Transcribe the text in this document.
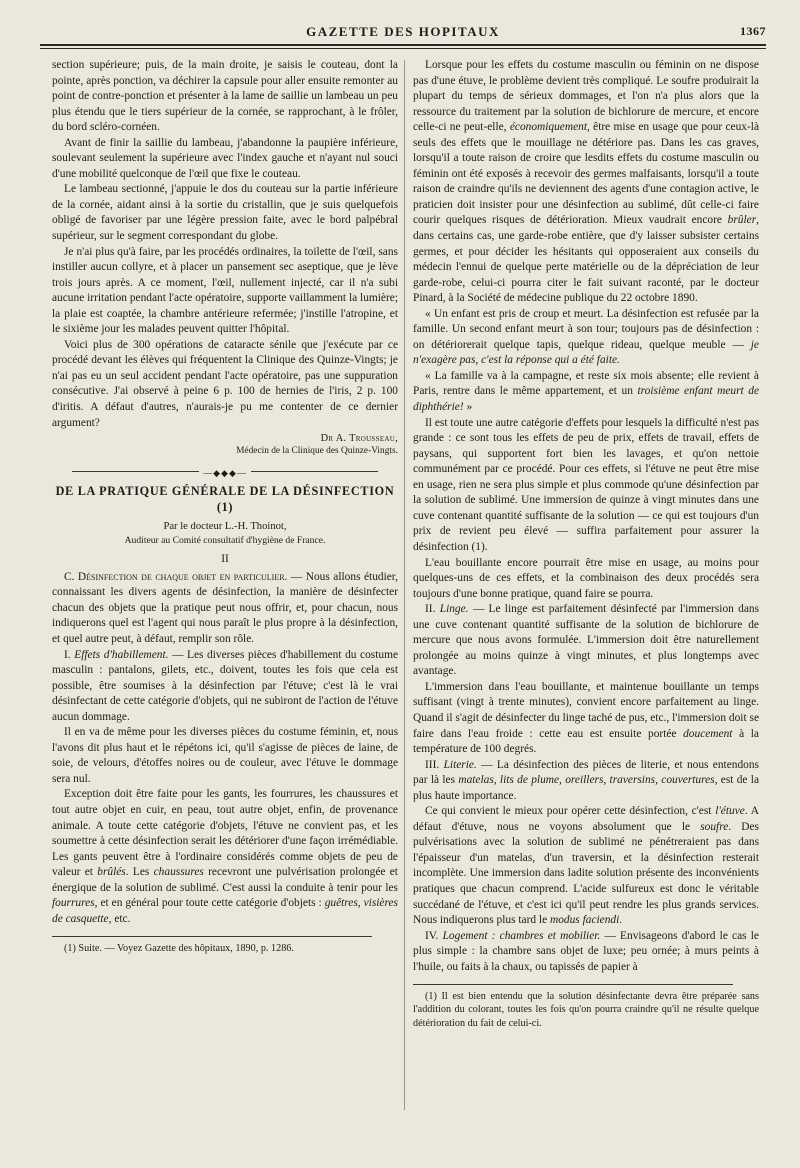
GAZETTE DES HOPITAUX	1367

section supérieure; puis, de la main droite, je saisis le couteau, dont la pointe, après ponction, va déchirer la capsule pour aller ensuite remonter au point de contre-ponction et présenter à la lame de saillie un lambeau un peu plus étendu que le tiers supérieur de la cornée, se rapprochant, à le frôler, du bord scléro-cornéen.

Avant de finir la saillie du lambeau, j'abandonne la paupière inférieure, soulevant seulement la supérieure avec l'index gauche et n'ayant nul souci d'une mobilité quelconque de l'œil que fixe le couteau.

Le lambeau sectionné, j'appuie le dos du couteau sur la partie inférieure de la cornée, aidant ainsi à la sortie du cristallin, que je suis quelquefois obligé de favoriser par une légère pression faite, avec le bord palpébral supérieur, sur le segment correspondant du globe.

Je n'ai plus qu'à faire, par les procédés ordinaires, la toilette de l'œil, sans instiller aucun collyre, et à placer un pansement sec aseptique, que je lève trois jours après. A ce moment, l'œil, nullement injecté, car il n'a subi aucune irritation pendant l'acte opératoire, supporte vaillamment la lumière; la plaie est coaptée, la chambre antérieure refermée; j'instille l'atropine, et le sixième jour les malades peuvent quitter l'hôpital.

Voici plus de 300 opérations de cataracte sénile que j'exécute par ce procédé devant les élèves qui fréquentent la Clinique des Quinze-Vingts; je n'ai pas eu un seul accident pendant l'acte opératoire, pas une suppuration consécutive. J'ai observé à peine 6 p. 100 de hernies de l'iris, 2 p. 100 d'iritis. A défaut d'autres, n'aurais-je pu me contenter de ce dernier argument?

Dr A. Trousseau,
Médecin de la Clinique des Quinze-Vingts.
—◆◆◆—
DE LA PRATIQUE GÉNÉRALE DE LA DÉSINFECTION (1)

Par le docteur L.-H. Thoinot,

Auditeur au Comité consultatif d'hygiène de France.

II

C. Désinfection de chaque objet en particulier. — Nous allons étudier, connaissant les divers agents de désinfection, la manière de désinfecter chacun des objets que la pratique peut nous offrir, et, pour chacun, nous indiquerons quel est l'agent qui nous paraît le plus propre à la désinfection, et quel autre peut, à défaut, remplir son rôle.

I. Effets d'habillement. — Les diverses pièces d'habillement du costume masculin : pantalons, gilets, etc., doivent, toutes les fois que cela est possible, être soumises à la désinfection par l'étuve; c'est là le vrai désinfectant de cette catégorie d'objets, qui ne subiront de l'action de l'étuve aucun dommage.

Il en va de même pour les diverses pièces du costume féminin, et, nous l'avons dit plus haut et le répétons ici, qu'il s'agisse de pièces de laine, de soie, de velours, d'étoffes noires ou de couleur, avec l'étuve le dommage sera nul.

Exception doit être faite pour les gants, les fourrures, les chaussures et tout autre objet en cuir, en peau, tout autre objet, enfin, de provenance animale. A toute cette catégorie d'objets, l'étuve ne convient pas, et les soumettre à cette désinfection serait les détériorer d'une façon irrémédiable. Les gants peuvent être à l'ordinaire considérés comme objets de peu de valeur et brûlés. Les chaussures recevront une pulvérisation prolongée et énergique de la solution de sublimé. C'est aussi la conduite à tenir pour les fourrures, et en général pour toute cette catégorie d'objets : guêtres, visières de casquette, etc.

(1) Suite. — Voyez Gazette des hôpitaux, 1890, p. 1286.

Lorsque pour les effets du costume masculin ou féminin on ne dispose pas d'une étuve, le problème devient très compliqué. Le soufre produirait la plupart du temps de sérieux dommages, et l'on n'a plus alors que la ressource du traitement par la solution de bichlorure de mercure, et encore celle-ci ne peut-elle, économiquement, être mise en usage que pour ceux-là seuls des effets que le mouillage ne détériore pas. Dans les cas graves, lorsqu'il a toute raison de croire que lesdits effets du costume masculin ou féminin ont été exposés à recevoir des germes malfaisants, lorsqu'il a toute raison de craindre qu'ils ne deviennent des agents d'une contagion active, le praticien doit insister pour une désinfection au sublimé, dût celle-ci faire courir quelques risques de détérioration. Mieux vaudrait encore brûler, dans certains cas, une garde-robe entière, que d'y laisser subsister certains germes, et pour décider les hésitants qui opposeraient aux conseils du médecin l'ennui de quelque perte matérielle ou de la dépréciation de leur garde-robe, celui-ci pourra citer le fait suivant raconté, par le docteur Pinard, à la Société de médecine publique du 22 octobre 1890.

« Un enfant est pris de croup et meurt. La désinfection est refusée par la famille. Un second enfant meurt à son tour; toujours pas de désinfection : on détériorerait quelque tapis, quelque rideau, quelque meuble — je n'exagère pas, c'est la réponse qui a été faite.

« La famille va à la campagne, et reste six mois absente; elle revient à Paris, rentre dans le même appartement, et un troisième enfant meurt de diphthérie! »

Il est toute une autre catégorie d'effets pour lesquels la difficulté n'est pas grande : ce sont tous les effets de peu de prix, effets de travail, effets de paysans, qui supportent fort bien les lavages, et qu'on nettoie communément par ce procédé. Pour ces effets, si l'étuve ne peut être mise en usage, rien ne sera plus simple et plus commode qu'une désinfection par la solution de sublimé. Une immersion de quinze à vingt minutes dans une cuve contenant quantité suffisante de la solution — ce qui est toujours d'un prix de revient peu élevé — suffira parfaitement pour assurer la désinfection (1).

L'eau bouillante encore pourrait être mise en usage, au moins pour quelques-uns de ces effets, et la combinaison des deux procédés sera toujours d'une bonne pratique, quand faire se pourra.

II. Linge. — Le linge est parfaitement désinfecté par l'immersion dans une cuve contenant quantité suffisante de la solution de bichlorure de mercure que nous avons formulée. L'immersion doit être naturellement prolongée au moins quinze à vingt minutes, et plus longtemps avec avantage.

L'immersion dans l'eau bouillante, et maintenue bouillante un temps suffisant (vingt à trente minutes), convient encore parfaitement au linge. Quand il s'agit de désinfecter du linge taché de pus, etc., l'immersion doit se faire dans l'eau froide : cette eau est ensuite portée doucement à la température de 100 degrés.

III. Literie. — La désinfection des pièces de literie, et nous entendons par là les matelas, lits de plume, oreillers, traversins, couvertures, est de la plus haute importance.

Ce qui convient le mieux pour opérer cette désinfection, c'est l'étuve. A défaut d'étuve, nous ne voyons absolument que le soufre. Des pulvérisations avec la solution de sublimé ne pénétreraient pas dans l'épaisseur d'un matelas, d'un traversin, et la désinfection resterait incomplète. Une immersion dans ladite solution présente des inconvénients pratiques que chacun comprend. L'acide sulfureux est donc le véritable succédané de l'étuve, et c'est ici qu'il peut rendre les plus grands services. Nous indiquerons plus tard le modus faciendi.

IV. Logement : chambres et mobilier. — Envisageons d'abord le cas le plus simple : la chambre sans objet de luxe; peu ornée; à murs peints à l'huile, ou faits à la chaux, ou tapissés de papier à

(1) Il est bien entendu que la solution désinfectante devra être préparée sans l'addition du colorant, toutes les fois qu'on pourra craindre qu'il ne résulte quelque détérioration du fait de celui-ci.
